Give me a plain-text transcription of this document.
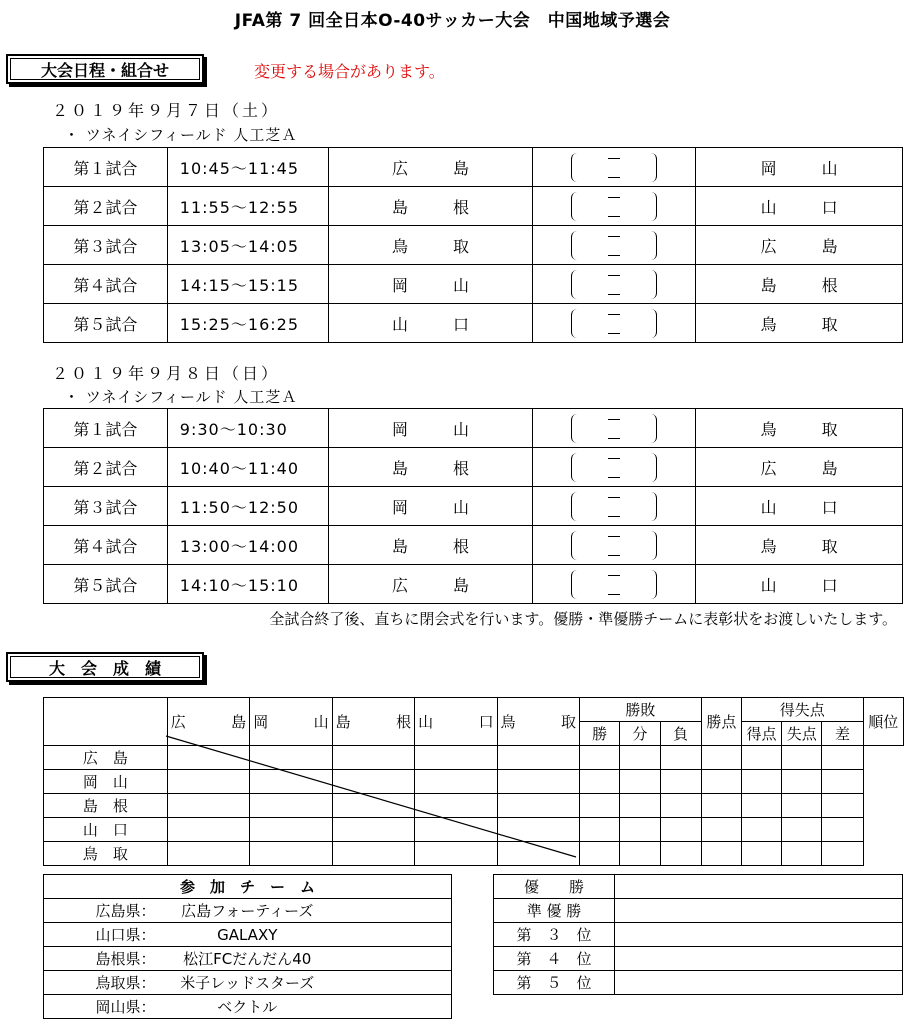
JFA第 7 回全日本O-40サッカー大会　中国地域予選会
大会日程・組合せ	変更する場合があります。
２０１９年９月７日（土）
・ ツネイシフィールド 人工芝Ａ
第１試合	10:45～11:45	広島		岡山
第２試合	11:55～12:55	島根		山口
第３試合	13:05～14:05	鳥取		広島
第４試合	14:15～15:15	岡山		島根
第５試合	15:25～16:25	山口		鳥取
２０１９年９月８日（日）
・ ツネイシフィールド 人工芝Ａ
第１試合	9:30～10:30	岡山		鳥取
第２試合	10:40～11:40	島根		広島
第３試合	11:50～12:50	岡山		山口
第４試合	13:00～14:00	島根		鳥取
第５試合	14:10～15:10	広島		山口
全試合終了後、直ちに閉会式を行います。優勝・準優勝チームに表彰状をお渡しいたします。
大　会　成　績

	広 島	岡 山	島 根	山 口	鳥 取	勝敗			勝点	得失点			順位
						勝	分	負		得点	失点	差	
広　島													
岡　山													
島　根													
山　口													
鳥　取													
参　加　チ　ー　ム	
広島県：	広島フォーティーズ
山口県：	GALAXY
島根県：	松江FCだんだん40
鳥取県：	米子レッドスターズ
岡山県：	ベクトル
優　　勝	
準 優 勝	
第　３　位	
第　４　位	
第　５　位	
